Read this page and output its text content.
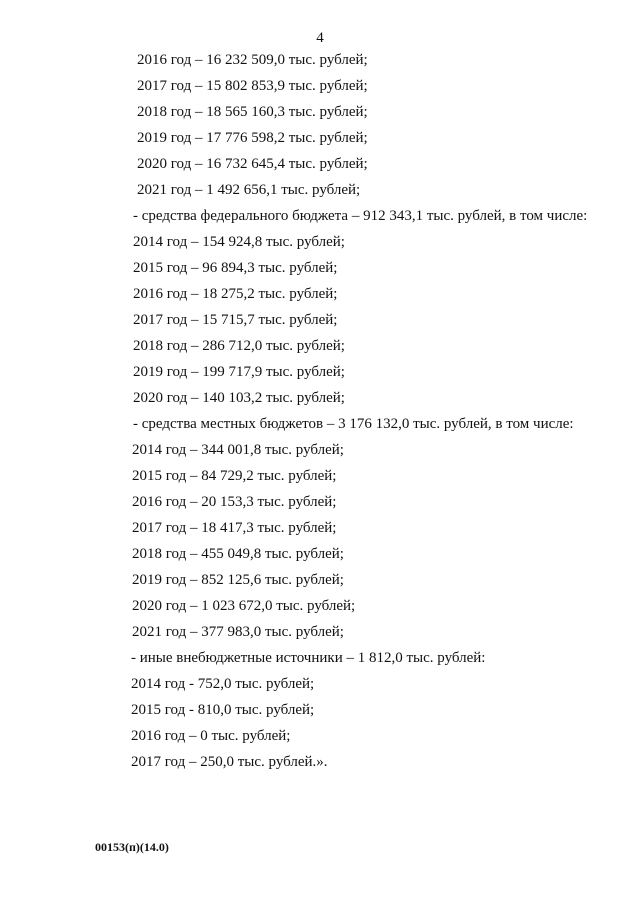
4
2016 год – 16 232 509,0 тыс. рублей;
2017 год – 15 802 853,9 тыс. рублей;
2018 год – 18 565 160,3 тыс. рублей;
2019 год – 17 776 598,2 тыс. рублей;
2020 год – 16 732 645,4 тыс. рублей;
2021 год – 1 492 656,1 тыс. рублей;
- средства федерального бюджета – 912 343,1 тыс. рублей, в том числе:
2014 год – 154 924,8 тыс. рублей;
2015 год – 96 894,3 тыс. рублей;
2016 год – 18 275,2 тыс. рублей;
2017 год – 15 715,7 тыс. рублей;
2018 год – 286 712,0 тыс. рублей;
2019 год – 199 717,9 тыс. рублей;
2020 год – 140 103,2 тыс. рублей;
- средства местных бюджетов – 3 176 132,0 тыс. рублей, в том числе:
2014 год – 344 001,8 тыс. рублей;
2015 год – 84 729,2 тыс. рублей;
2016 год – 20 153,3 тыс. рублей;
2017 год – 18 417,3 тыс. рублей;
2018 год – 455 049,8 тыс. рублей;
2019 год – 852 125,6 тыс. рублей;
2020 год – 1 023 672,0 тыс. рублей;
2021 год – 377 983,0 тыс. рублей;
- иные внебюджетные источники – 1 812,0 тыс. рублей:
2014 год - 752,0 тыс. рублей;
2015 год - 810,0 тыс. рублей;
2016 год – 0 тыс. рублей;
2017 год – 250,0 тыс. рублей.».
00153(п)(14.0)
